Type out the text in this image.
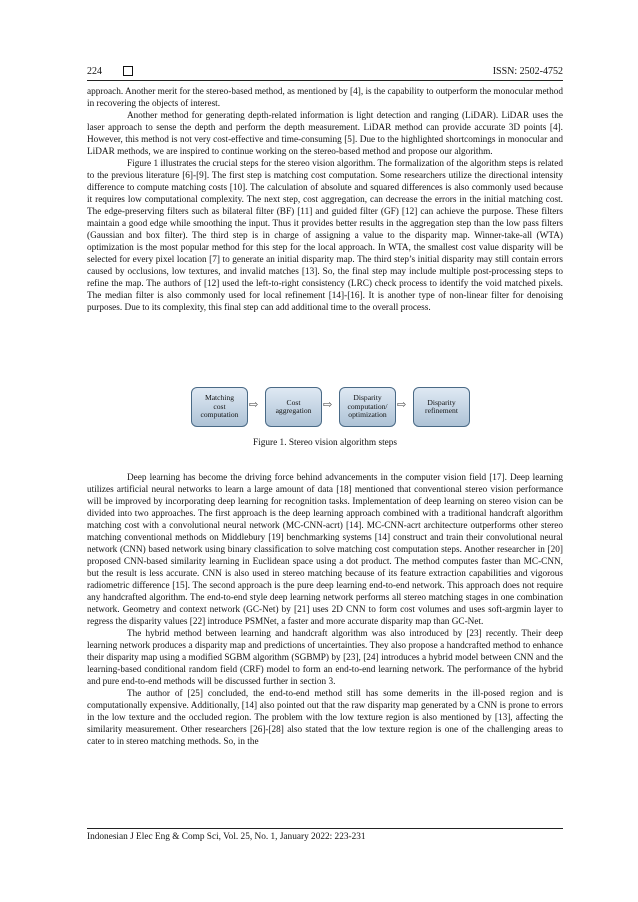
224	ISSN: 2502-4752

approach. Another merit for the stereo-based method, as mentioned by [4], is the capability to outperform the monocular method in recovering the objects of interest.

Another method for generating depth-related information is light detection and ranging (LiDAR). LiDAR uses the laser approach to sense the depth and perform the depth measurement. LiDAR method can provide accurate 3D points [4]. However, this method is not very cost-effective and time-consuming [5]. Due to the highlighted shortcomings in monocular and LiDAR methods, we are inspired to continue working on the stereo-based method and propose our algorithm.

Figure 1 illustrates the crucial steps for the stereo vision algorithm. The formalization of the algorithm steps is related to the previous literature [6]-[9]. The first step is matching cost computation. Some researchers utilize the directional intensity difference to compute matching costs [10]. The calculation of absolute and squared differences is also commonly used because it requires low computational complexity. The next step, cost aggregation, can decrease the errors in the initial matching cost. The edge-preserving filters such as bilateral filter (BF) [11] and guided filter (GF) [12] can achieve the purpose. These filters maintain a good edge while smoothing the input. Thus it provides better results in the aggregation step than the low pass filters (Gaussian and box filter). The third step is in charge of assigning a value to the disparity map. Winner-take-all (WTA) optimization is the most popular method for this step for the local approach. In WTA, the smallest cost value disparity will be selected for every pixel location [7] to generate an initial disparity map. The third step’s initial disparity may still contain errors caused by occlusions, low textures, and invalid matches [13]. So, the final step may include multiple post-processing steps to refine the map. The authors of [12] used the left-to-right consistency (LRC) check process to identify the void matched pixels. The median filter is also commonly used for local refinement [14]-[16]. It is another type of non-linear filter for denoising purposes. Due to its complexity, this final step can add additional time to the overall process.

Matching
cost
computation
⇨	Cost
aggregation ⇨
Disparity
computation/
optimization
⇨	Disparity
refinement
Figure 1. Stereo vision algorithm steps

Deep learning has become the driving force behind advancements in the computer vision field [17]. Deep learning utilizes artificial neural networks to learn a large amount of data [18] mentioned that conventional stereo vision performance will be improved by incorporating deep learning for recognition tasks. Implementation of deep learning on stereo vision can be divided into two approaches. The first approach is the deep learning approach combined with a traditional handcraft algorithm matching cost with a convolutional neural network (MC-CNN-acrt) [14]. MC-CNN-acrt architecture outperforms other stereo matching conventional methods on Middlebury [19] benchmarking systems [14] construct and train their convolutional neural network (CNN) based network using binary classification to solve matching cost computation steps. Another researcher in [20] proposed CNN-based similarity learning in Euclidean space using a dot product. The method computes faster than MC-CNN, but the result is less accurate. CNN is also used in stereo matching because of its feature extraction capabilities and vigorous radiometric difference [15]. The second approach is the pure deep learning end-to-end network. This approach does not require any handcrafted algorithm. The end-to-end style deep learning network performs all stereo matching stages in one combination network. Geometry and context network (GC-Net) by [21] uses 2D CNN to form cost volumes and uses soft-argmin layer to regress the disparity values [22] introduce PSMNet, a faster and more accurate disparity map than GC-Net.

The hybrid method between learning and handcraft algorithm was also introduced by [23] recently. Their deep learning network produces a disparity map and predictions of uncertainties. They also propose a handcrafted method to enhance their disparity map using a modified SGBM algorithm (SGBMP) by [23], [24] introduces a hybrid model between CNN and the learning-based conditional random field (CRF) model to form an end-to-end learning network. The performance of the hybrid and pure end-to-end methods will be discussed further in section 3.

The author of [25] concluded, the end-to-end method still has some demerits in the ill-posed region and is computationally expensive. Additionally, [14] also pointed out that the raw disparity map generated by a CNN is prone to errors in the low texture and the occluded region. The problem with the low texture region is also mentioned by [13], affecting the similarity measurement. Other researchers [26]-[28] also stated that the low texture region is one of the challenging areas to cater to in stereo matching methods. So, in the

Indonesian J Elec Eng & Comp Sci, Vol. 25, No. 1, January 2022: 223-231
